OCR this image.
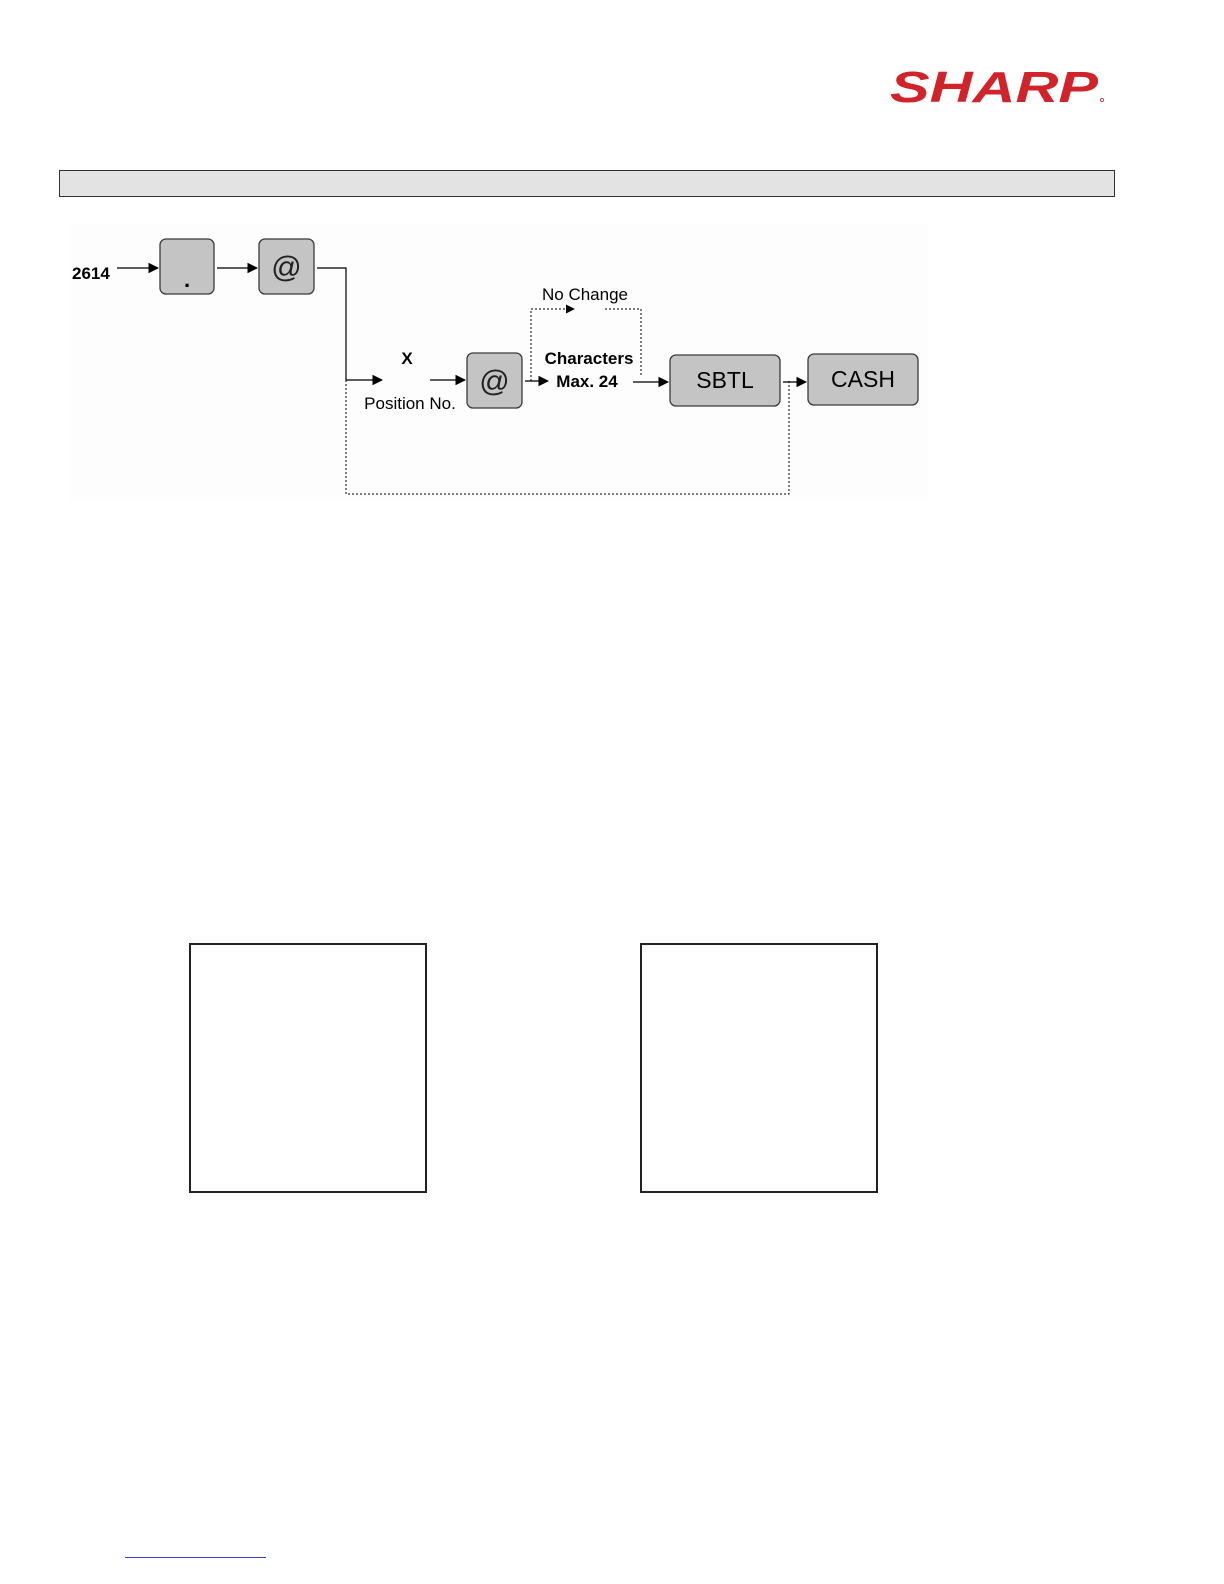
SHARP
2614	.	@
X
Position No.
@
No Change
Characters
Max. 24	SBTL	CASH
